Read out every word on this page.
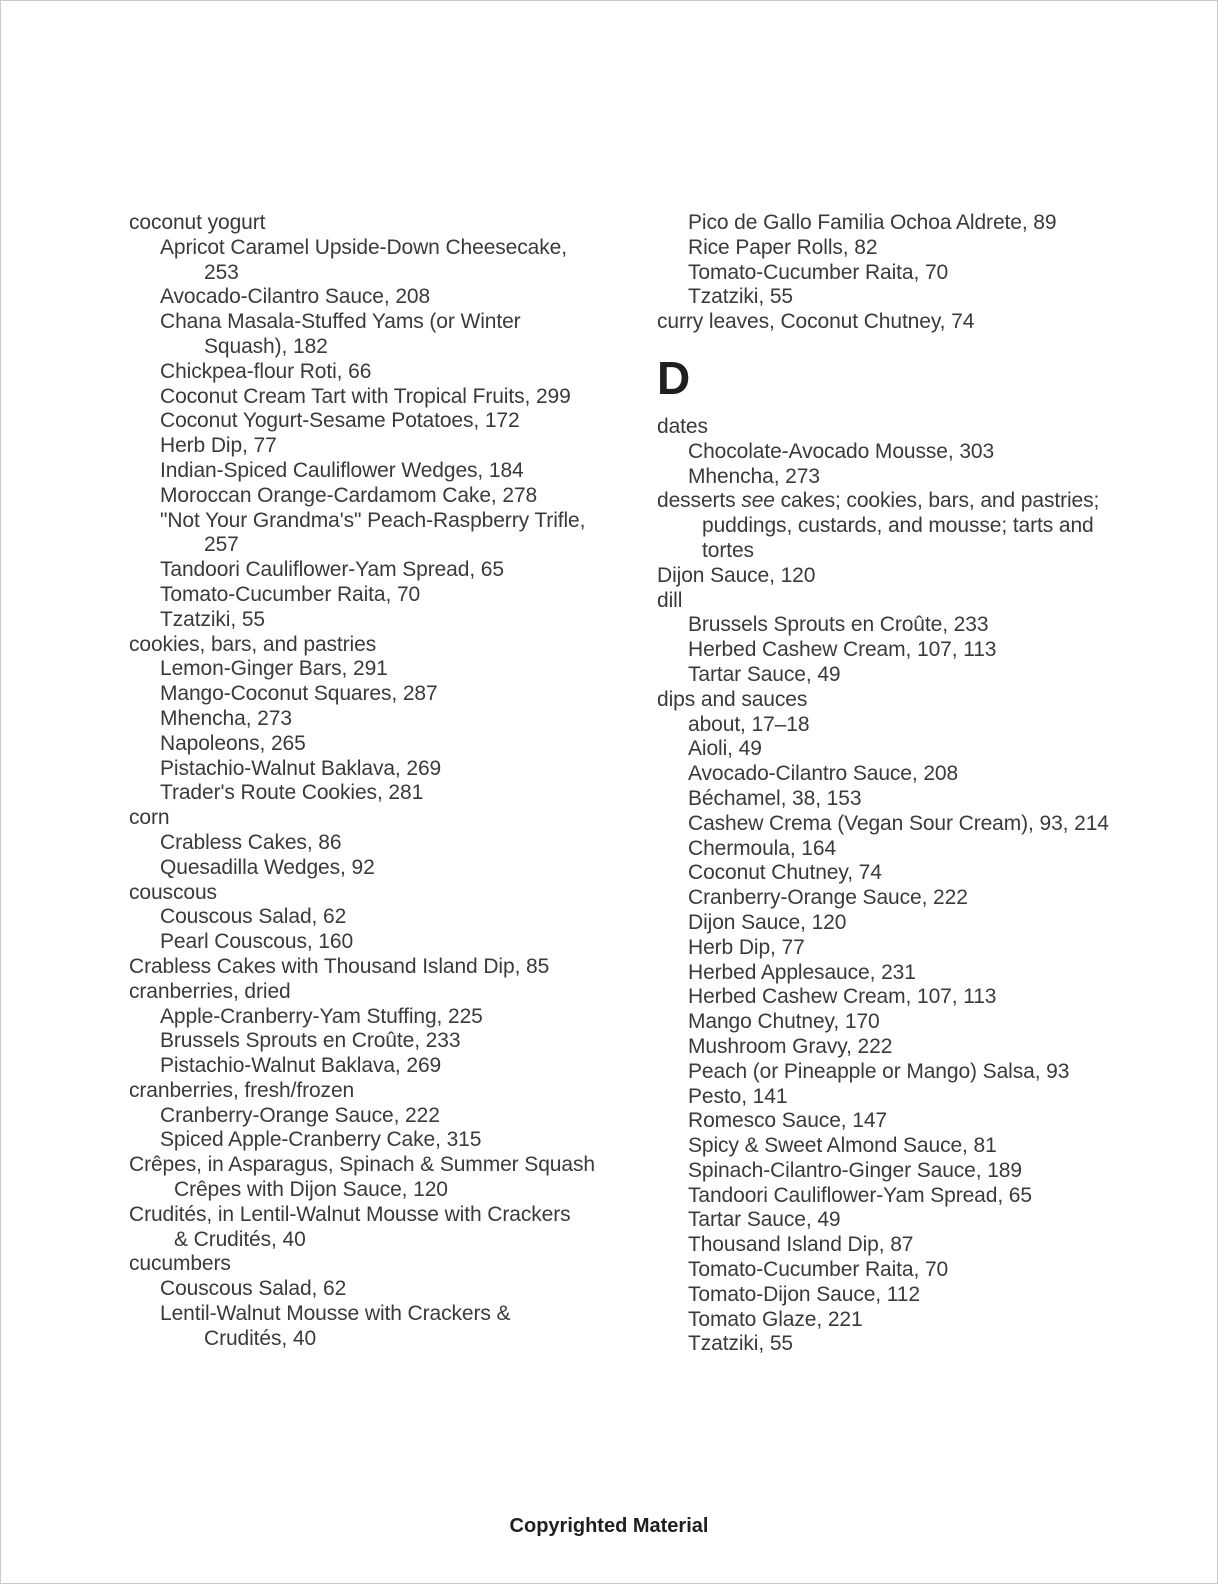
coconut yogurt
Apricot Caramel Upside-Down Cheesecake,
253
Avocado-Cilantro Sauce, 208
Chana Masala-Stuffed Yams (or Winter
Squash), 182
Chickpea-flour Roti, 66
Coconut Cream Tart with Tropical Fruits, 299
Coconut Yogurt-Sesame Potatoes, 172
Herb Dip, 77
Indian-Spiced Cauliflower Wedges, 184
Moroccan Orange-Cardamom Cake, 278
"Not Your Grandma's" Peach-Raspberry Trifle,
257
Tandoori Cauliflower-Yam Spread, 65
Tomato-Cucumber Raita, 70
Tzatziki, 55
cookies, bars, and pastries
Lemon-Ginger Bars, 291
Mango-Coconut Squares, 287
Mhencha, 273
Napoleons, 265
Pistachio-Walnut Baklava, 269
Trader's Route Cookies, 281
corn
Crabless Cakes, 86
Quesadilla Wedges, 92
couscous
Couscous Salad, 62
Pearl Couscous, 160
Crabless Cakes with Thousand Island Dip, 85
cranberries, dried
Apple-Cranberry-Yam Stuffing, 225
Brussels Sprouts en Croûte, 233
Pistachio-Walnut Baklava, 269
cranberries, fresh/frozen
Cranberry-Orange Sauce, 222
Spiced Apple-Cranberry Cake, 315
Crêpes, in Asparagus, Spinach & Summer Squash
Crêpes with Dijon Sauce, 120
Crudités, in Lentil-Walnut Mousse with Crackers
& Crudités, 40
cucumbers
Couscous Salad, 62
Lentil-Walnut Mousse with Crackers &
Crudités, 40
Pico de Gallo Familia Ochoa Aldrete, 89
Rice Paper Rolls, 82
Tomato-Cucumber Raita, 70
Tzatziki, 55
curry leaves, Coconut Chutney, 74
D
dates
Chocolate-Avocado Mousse, 303
Mhencha, 273
desserts see cakes; cookies, bars, and pastries;
puddings, custards, and mousse; tarts and
tortes
Dijon Sauce, 120
dill
Brussels Sprouts en Croûte, 233
Herbed Cashew Cream, 107, 113
Tartar Sauce, 49
dips and sauces
about, 17–18
Aioli, 49
Avocado-Cilantro Sauce, 208
Béchamel, 38, 153
Cashew Crema (Vegan Sour Cream), 93, 214
Chermoula, 164
Coconut Chutney, 74
Cranberry-Orange Sauce, 222
Dijon Sauce, 120
Herb Dip, 77
Herbed Applesauce, 231
Herbed Cashew Cream, 107, 113
Mango Chutney, 170
Mushroom Gravy, 222
Peach (or Pineapple or Mango) Salsa, 93
Pesto, 141
Romesco Sauce, 147
Spicy & Sweet Almond Sauce, 81
Spinach-Cilantro-Ginger Sauce, 189
Tandoori Cauliflower-Yam Spread, 65
Tartar Sauce, 49
Thousand Island Dip, 87
Tomato-Cucumber Raita, 70
Tomato-Dijon Sauce, 112
Tomato Glaze, 221
Tzatziki, 55
Copyrighted Material
